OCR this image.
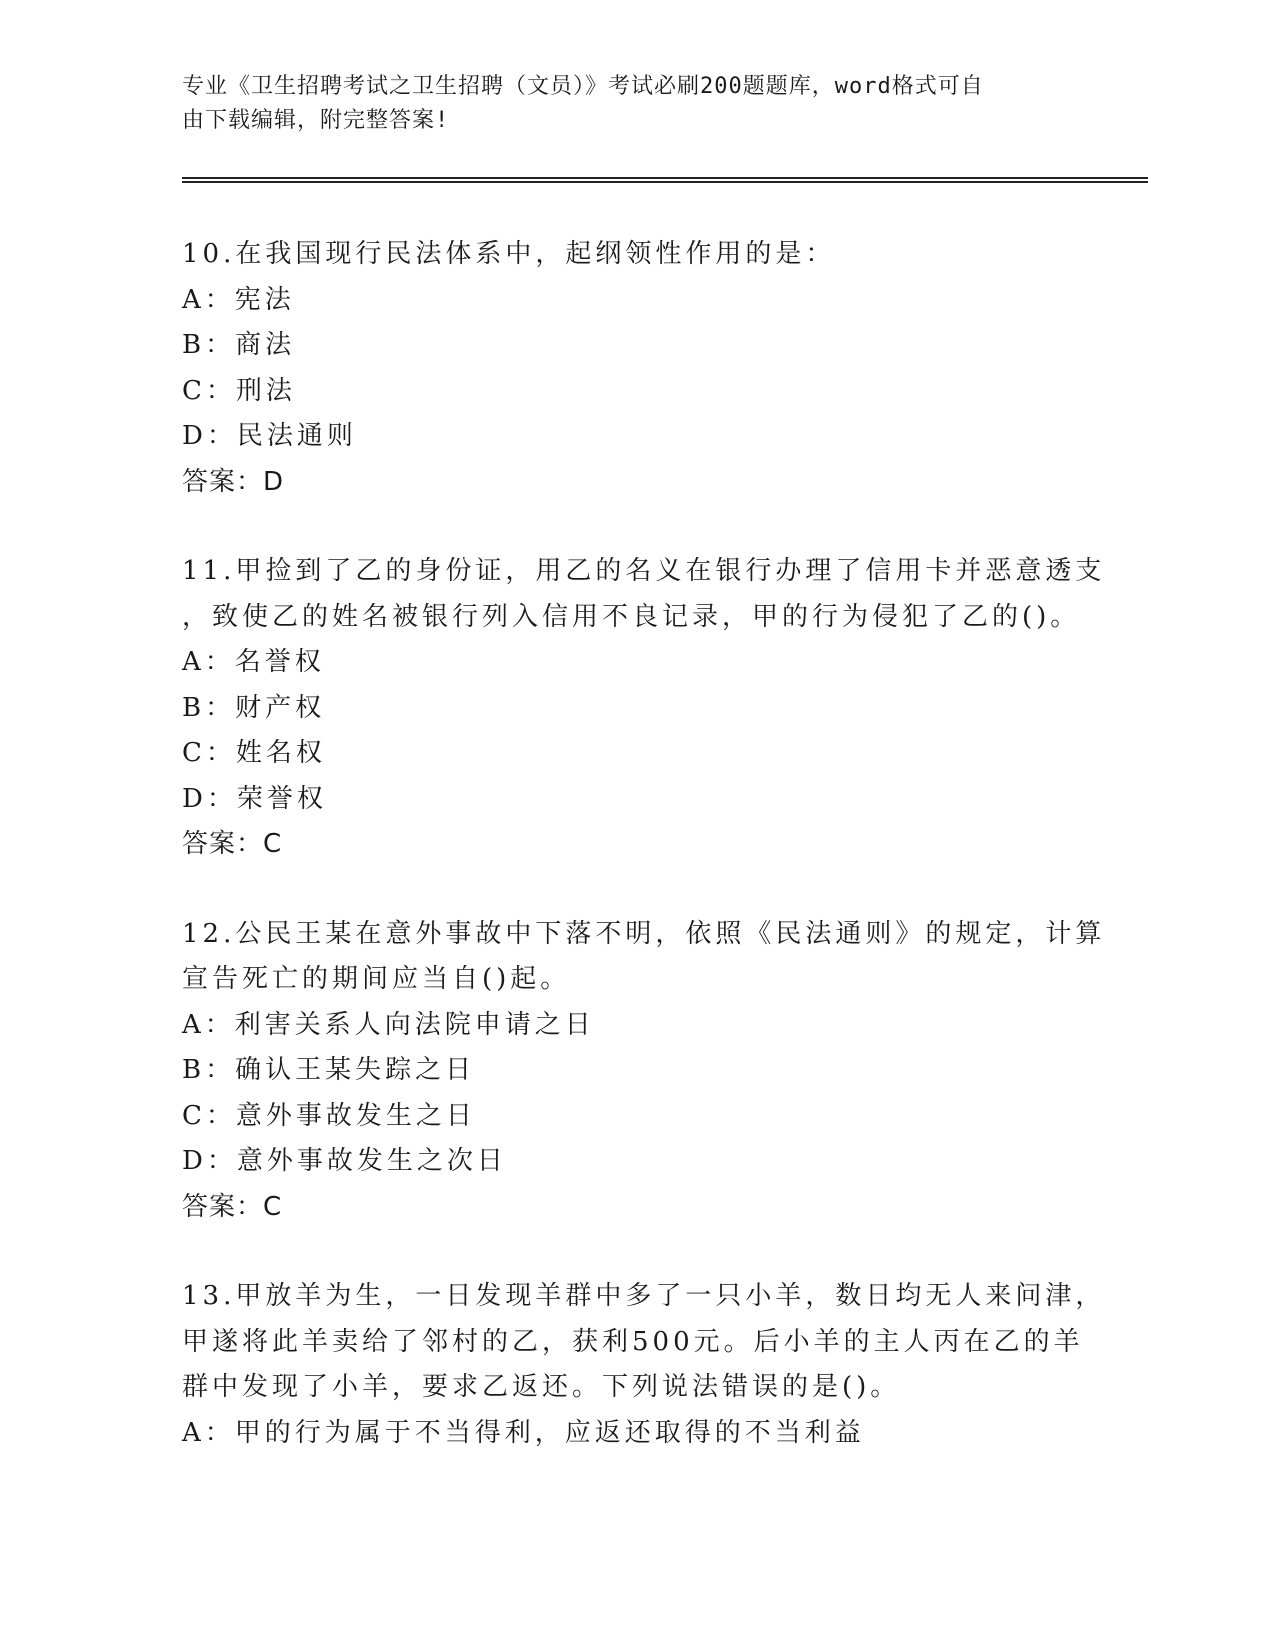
专业《卫生招聘考试之卫生招聘（文员）》考试必刷200题题库，word格式可自
由下载编辑，附完整答案!
10.在我国现行民法体系中，起纲领性作用的是：
A：宪法
B：商法
C：刑法
D：民法通则
答案：D
11.甲捡到了乙的身份证，用乙的名义在银行办理了信用卡并恶意透支
，致使乙的姓名被银行列入信用不良记录，甲的行为侵犯了乙的()。
A：名誉权
B：财产权
C：姓名权
D：荣誉权
答案：C
12.公民王某在意外事故中下落不明，依照《民法通则》的规定，计算
宣告死亡的期间应当自()起。
A：利害关系人向法院申请之日
B：确认王某失踪之日
C：意外事故发生之日
D：意外事故发生之次日
答案：C
13.甲放羊为生，一日发现羊群中多了一只小羊，数日均无人来问津，
甲遂将此羊卖给了邻村的乙，获利500元。后小羊的主人丙在乙的羊
群中发现了小羊，要求乙返还。下列说法错误的是()。
A：甲的行为属于不当得利，应返还取得的不当利益
